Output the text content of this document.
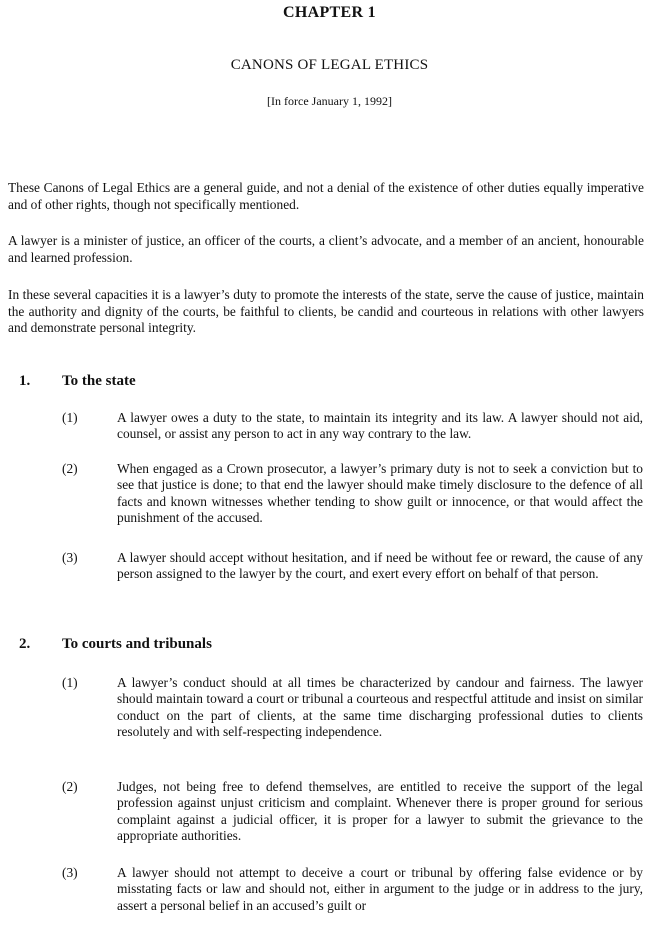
CHAPTER 1
CANONS OF LEGAL ETHICS
[In force January 1, 1992]
These Canons of Legal Ethics are a general guide, and not a denial of the existence of other duties equally imperative and of other rights, though not specifically mentioned.
A lawyer is a minister of justice, an officer of the courts, a client’s advocate, and a member of an ancient, honourable and learned profession.
In these several capacities it is a lawyer’s duty to promote the interests of the state, serve the cause of justice, maintain the authority and dignity of the courts, be faithful to clients, be candid and courteous in relations with other lawyers and demonstrate personal integrity.
1. To the state
(1)	A lawyer owes a duty to the state, to maintain its integrity and its law. A lawyer should not aid, counsel, or assist any person to act in any way contrary to the law.
(2)	When engaged as a Crown prosecutor, a lawyer’s primary duty is not to seek a conviction but to see that justice is done; to that end the lawyer should make timely disclosure to the defence of all facts and known witnesses whether tending to show guilt or innocence, or that would affect the punishment of the accused.
(3)	A lawyer should accept without hesitation, and if need be without fee or reward, the cause of any person assigned to the lawyer by the court, and exert every effort on behalf of that person.
2. To courts and tribunals
(1)	A lawyer’s conduct should at all times be characterized by candour and fairness. The lawyer should maintain toward a court or tribunal a courteous and respectful attitude and insist on similar conduct on the part of clients, at the same time discharging professional duties to clients resolutely and with self-respecting independence.
(2)	Judges, not being free to defend themselves, are entitled to receive the support of the legal profession against unjust criticism and complaint. Whenever there is proper ground for serious complaint against a judicial officer, it is proper for a lawyer to submit the grievance to the appropriate authorities.
(3)	A lawyer should not attempt to deceive a court or tribunal by offering false evidence or by misstating facts or law and should not, either in argument to the judge or in address to the jury, assert a personal belief in an accused’s guilt or
